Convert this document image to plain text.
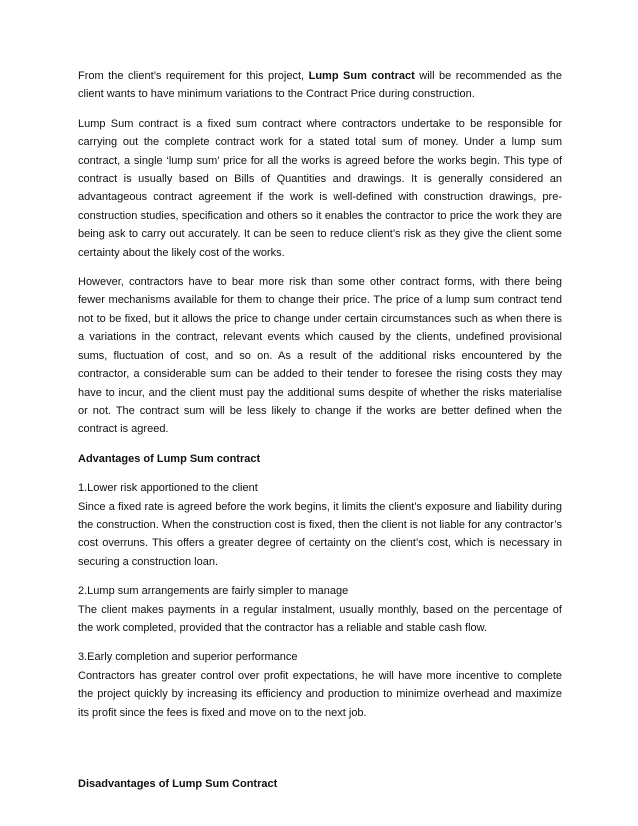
From the client’s requirement for this project, Lump Sum contract will be recommended as the client wants to have minimum variations to the Contract Price during construction.

Lump Sum contract is a fixed sum contract where contractors undertake to be responsible for carrying out the complete contract work for a stated total sum of money. Under a lump sum contract, a single ‘lump sum’ price for all the works is agreed before the works begin. This type of contract is usually based on Bills of Quantities and drawings. It is generally considered an advantageous contract agreement if the work is well-defined with construction drawings, pre-construction studies, specification and others so it enables the contractor to price the work they are being ask to carry out accurately. It can be seen to reduce client’s risk as they give the client some certainty about the likely cost of the works.

However, contractors have to bear more risk than some other contract forms, with there being fewer mechanisms available for them to change their price. The price of a lump sum contract tend not to be fixed, but it allows the price to change under certain circumstances such as when there is a variations in the contract, relevant events which caused by the clients, undefined provisional sums, fluctuation of cost, and so on. As a result of the additional risks encountered by the contractor, a considerable sum can be added to their tender to foresee the rising costs they may have to incur, and the client must pay the additional sums despite of whether the risks materialise or not. The contract sum will be less likely to change if the works are better defined when the contract is agreed.

Advantages of Lump Sum contract

1.Lower risk apportioned to the client

Since a fixed rate is agreed before the work begins, it limits the client’s exposure and liability during the construction. When the construction cost is fixed, then the client is not liable for any contractor’s cost overruns. This offers a greater degree of certainty on the client’s cost, which is necessary in securing a construction loan.

2.Lump sum arrangements are fairly simpler to manage

The client makes payments in a regular instalment, usually monthly, based on the percentage of the work completed, provided that the contractor has a reliable and stable cash flow.

3.Early completion and superior performance

Contractors has greater control over profit expectations, he will have more incentive to complete the project quickly by increasing its efficiency and production to minimize overhead and maximize its profit since the fees is fixed and move on to the next job.

Disadvantages of Lump Sum Contract
